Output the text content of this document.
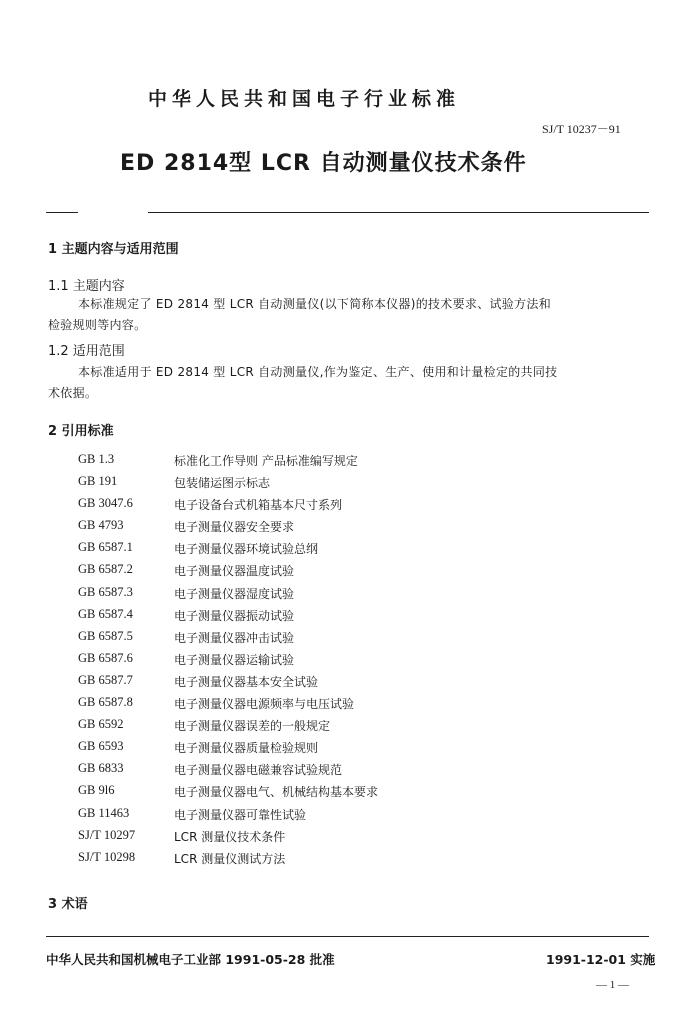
中华人民共和国电子行业标准
SJ/T 10237－91
ED 2814型 LCR 自动测量仪技术条件
1 主题内容与适用范围
1.1 主题内容
本标准规定了 ED 2814 型 LCR 自动测量仪(以下简称本仪器)的技术要求、试验方法和
检验规则等内容。
1.2 适用范围
本标准适用于 ED 2814 型 LCR 自动测量仪,作为鉴定、生产、使用和计量检定的共同技
术依据。
2 引用标准
GB 1.3	标准化工作导则 产品标准编写规定
GB 191	包装储运图示标志
GB 3047.6	电子设备台式机箱基本尺寸系列
GB 4793	电子测量仪器安全要求
GB 6587.1	电子测量仪器环境试验总纲
GB 6587.2	电子测量仪器温度试验
GB 6587.3	电子测量仪器湿度试验
GB 6587.4	电子测量仪器振动试验
GB 6587.5	电子测量仪器冲击试验
GB 6587.6	电子测量仪器运输试验
GB 6587.7	电子测量仪器基本安全试验
GB 6587.8	电子测量仪器电源频率与电压试验
GB 6592	电子测量仪器误差的一般规定
GB 6593	电子测量仪器质量检验规则
GB 6833	电子测量仪器电磁兼容试验规范
GB 9l6	电子测量仪器电气、机械结构基本要求
GB 11463	电子测量仪器可靠性试验
SJ/T 10297	LCR 测量仪技术条件
SJ/T 10298	LCR 测量仪测试方法
3 术语
中华人民共和国机械电子工业部 1991-05-28 批准	1991-12-01 实施
— 1 —
